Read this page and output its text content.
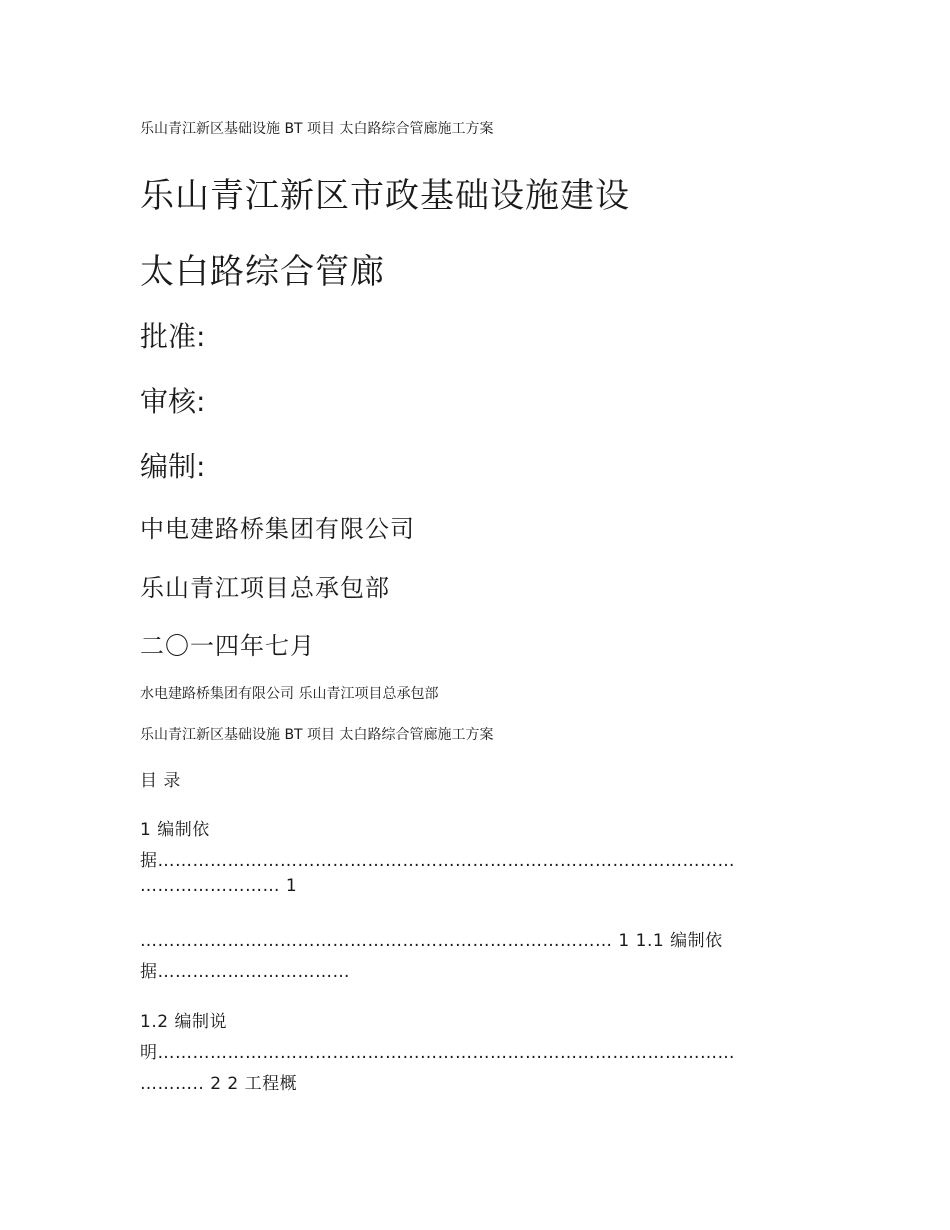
乐山青江新区基础设施 BT 项目 太白路综合管廊施工方案
乐山青江新区市政基础设施建设
太白路综合管廊
批准:
审核:
编制:
中电建路桥集团有限公司
乐山青江项目总承包部
二〇一四年七月
水电建路桥集团有限公司 乐山青江项目总承包部
乐山青江新区基础设施 BT 项目 太白路综合管廊施工方案
目 录
1 编制依
据………………………………………………………………………………………
…………………… 1
……………………………………………………………………… 1 1.1 编制依
据……………………………
1.2 编制说
明………………………………………………………………………………………
……….. 2 2 工程概
